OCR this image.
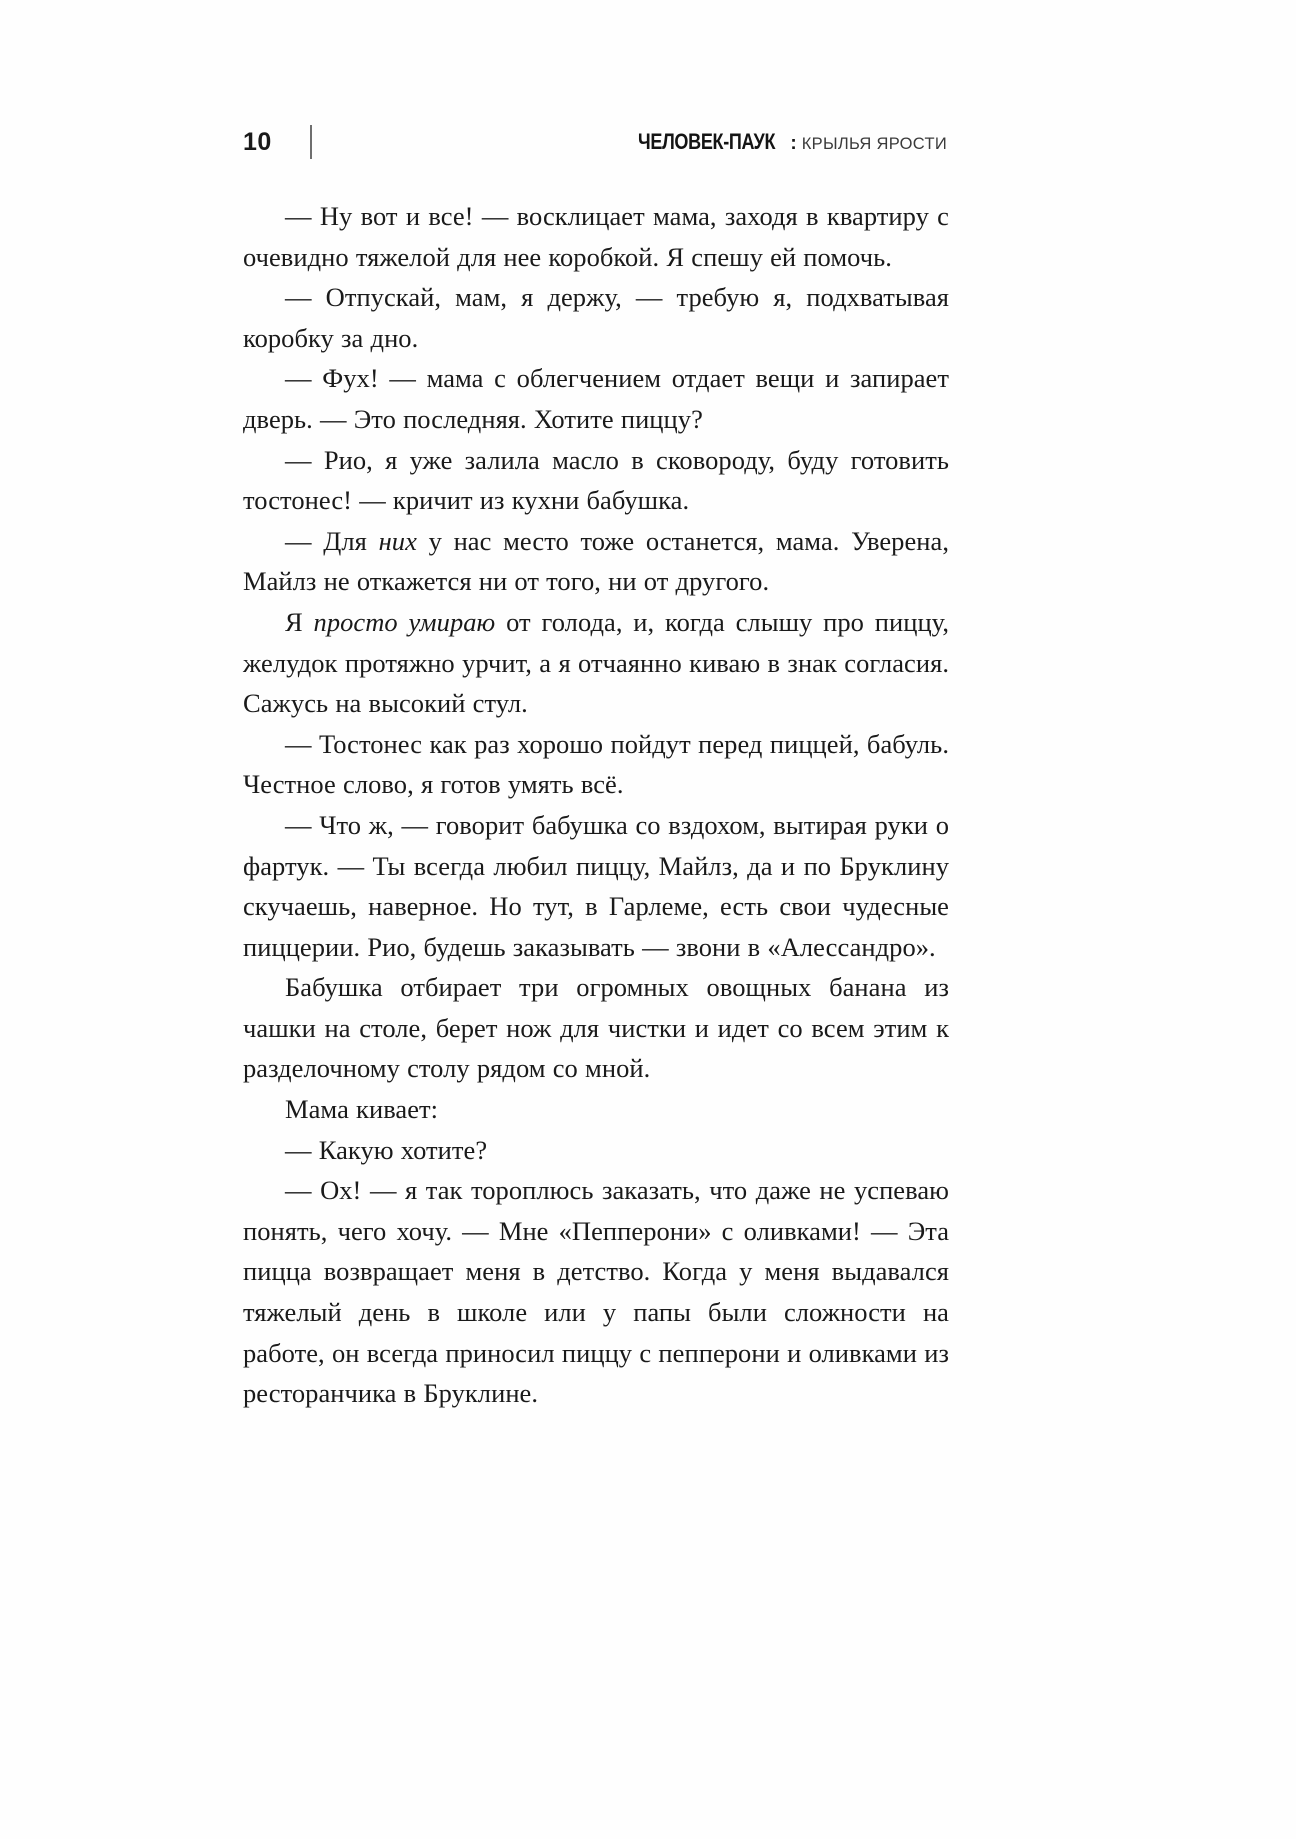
10	ЧЕЛОВЕК-ПАУК : КРЫЛЬЯ ЯРОСТИ

— Ну вот и все! — восклицает мама, заходя в квартиру с очевидно тяжелой для нее коробкой. Я спешу ей помочь.

— Отпускай, мам, я держу, — требую я, подхватывая коробку за дно.

— Фух! — мама с облегчением отдает вещи и запирает дверь. — Это последняя. Хотите пиццу?

— Рио, я уже залила масло в сковороду, буду готовить тостонес! — кричит из кухни бабушка.

— Для них у нас место тоже останется, мама. Уверена, Майлз не откажется ни от того, ни от другого.

Я просто умираю от голода, и, когда слышу про пиццу, желудок протяжно урчит, а я отчаянно киваю в знак согласия. Сажусь на высокий стул.

— Тостонес как раз хорошо пойдут перед пиццей, бабуль. Честное слово, я готов умять всё.

— Что ж, — говорит бабушка со вздохом, вытирая руки о фартук. — Ты всегда любил пиццу, Майлз, да и по Бруклину скучаешь, наверное. Но тут, в Гарлеме, есть свои чудесные пиццерии. Рио, будешь заказывать — звони в «Алессандро».

Бабушка отбирает три огромных овощных банана из чашки на столе, берет нож для чистки и идет со всем этим к разделочному столу рядом со мной.

Мама кивает:

— Какую хотите?

— Ох! — я так тороплюсь заказать, что даже не успеваю понять, чего хочу. — Мне «Пепперони» с оливками! — Эта пицца возвращает меня в детство. Когда у меня выдавался тяжелый день в школе или у папы были сложности на работе, он всегда приносил пиццу с пепперони и оливками из ресторанчика в Бруклине.
